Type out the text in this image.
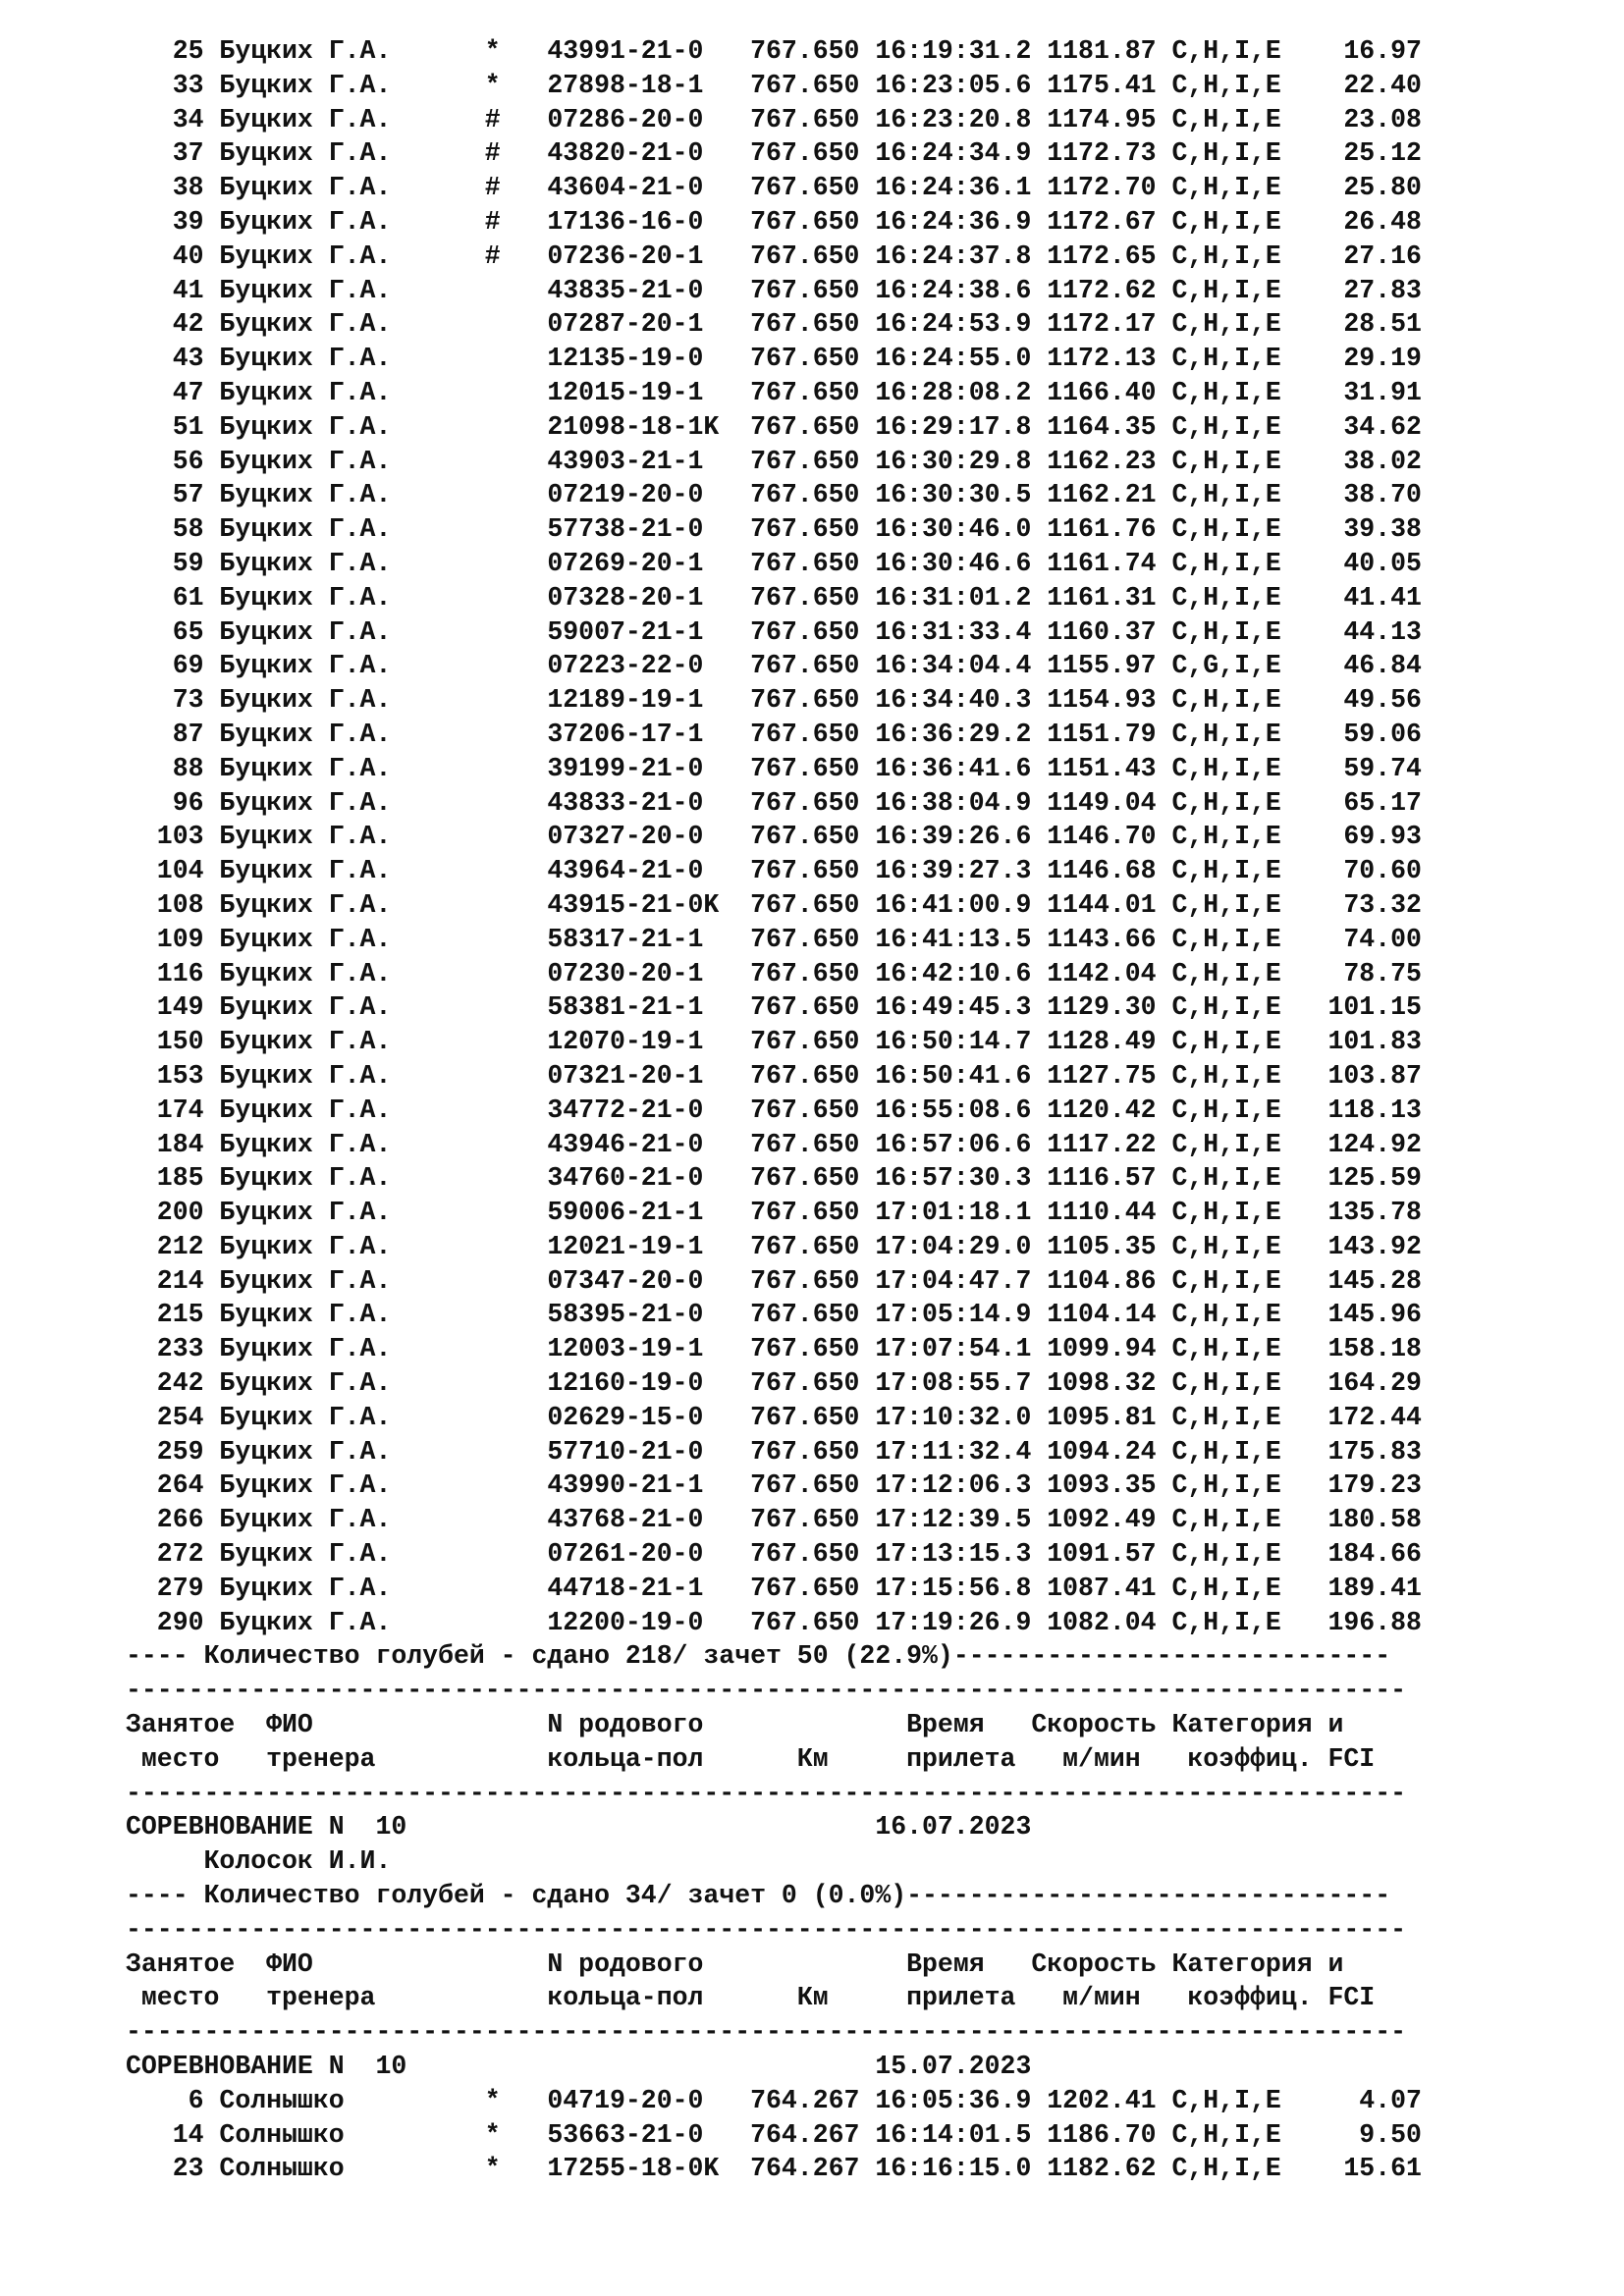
25 Буцких Г.А.      *   43991-21-0   767.650 16:19:31.2 1181.87 C,H,I,E    16.97
33 Буцких Г.А.      *   27898-18-1   767.650 16:23:05.6 1175.41 C,H,I,E    22.40
34 Буцких Г.А.      #   07286-20-0   767.650 16:23:20.8 1174.95 C,H,I,E    23.08
37 Буцких Г.А.      #   43820-21-0   767.650 16:24:34.9 1172.73 C,H,I,E    25.12
38 Буцких Г.А.      #   43604-21-0   767.650 16:24:36.1 1172.70 C,H,I,E    25.80
39 Буцких Г.А.      #   17136-16-0   767.650 16:24:36.9 1172.67 C,H,I,E    26.48
40 Буцких Г.А.      #   07236-20-1   767.650 16:24:37.8 1172.65 C,H,I,E    27.16
41 Буцких Г.А.          43835-21-0   767.650 16:24:38.6 1172.62 C,H,I,E    27.83
42 Буцких Г.А.          07287-20-1   767.650 16:24:53.9 1172.17 C,H,I,E    28.51
43 Буцких Г.А.          12135-19-0   767.650 16:24:55.0 1172.13 C,H,I,E    29.19
47 Буцких Г.А.          12015-19-1   767.650 16:28:08.2 1166.40 C,H,I,E    31.91
51 Буцких Г.А.          21098-18-1K  767.650 16:29:17.8 1164.35 C,H,I,E    34.62
56 Буцких Г.А.          43903-21-1   767.650 16:30:29.8 1162.23 C,H,I,E    38.02
57 Буцких Г.А.          07219-20-0   767.650 16:30:30.5 1162.21 C,H,I,E    38.70
58 Буцких Г.А.          57738-21-0   767.650 16:30:46.0 1161.76 C,H,I,E    39.38
59 Буцких Г.А.          07269-20-1   767.650 16:30:46.6 1161.74 C,H,I,E    40.05
61 Буцких Г.А.          07328-20-1   767.650 16:31:01.2 1161.31 C,H,I,E    41.41
65 Буцких Г.А.          59007-21-1   767.650 16:31:33.4 1160.37 C,H,I,E    44.13
69 Буцких Г.А.          07223-22-0   767.650 16:34:04.4 1155.97 C,G,I,E    46.84
73 Буцких Г.А.          12189-19-1   767.650 16:34:40.3 1154.93 C,H,I,E    49.56
87 Буцких Г.А.          37206-17-1   767.650 16:36:29.2 1151.79 C,H,I,E    59.06
88 Буцких Г.А.          39199-21-0   767.650 16:36:41.6 1151.43 C,H,I,E    59.74
96 Буцких Г.А.          43833-21-0   767.650 16:38:04.9 1149.04 C,H,I,E    65.17
103 Буцких Г.А.          07327-20-0   767.650 16:39:26.6 1146.70 C,H,I,E    69.93
104 Буцких Г.А.          43964-21-0   767.650 16:39:27.3 1146.68 C,H,I,E    70.60
108 Буцких Г.А.          43915-21-0K  767.650 16:41:00.9 1144.01 C,H,I,E    73.32
109 Буцких Г.А.          58317-21-1   767.650 16:41:13.5 1143.66 C,H,I,E    74.00
116 Буцких Г.А.          07230-20-1   767.650 16:42:10.6 1142.04 C,H,I,E    78.75
149 Буцких Г.А.          58381-21-1   767.650 16:49:45.3 1129.30 C,H,I,E   101.15
150 Буцких Г.А.          12070-19-1   767.650 16:50:14.7 1128.49 C,H,I,E   101.83
153 Буцких Г.А.          07321-20-1   767.650 16:50:41.6 1127.75 C,H,I,E   103.87
174 Буцких Г.А.          34772-21-0   767.650 16:55:08.6 1120.42 C,H,I,E   118.13
184 Буцких Г.А.          43946-21-0   767.650 16:57:06.6 1117.22 C,H,I,E   124.92
185 Буцких Г.А.          34760-21-0   767.650 16:57:30.3 1116.57 C,H,I,E   125.59
200 Буцких Г.А.          59006-21-1   767.650 17:01:18.1 1110.44 C,H,I,E   135.78
212 Буцких Г.А.          12021-19-1   767.650 17:04:29.0 1105.35 C,H,I,E   143.92
214 Буцких Г.А.          07347-20-0   767.650 17:04:47.7 1104.86 C,H,I,E   145.28
215 Буцких Г.А.          58395-21-0   767.650 17:05:14.9 1104.14 C,H,I,E   145.96
233 Буцких Г.А.          12003-19-1   767.650 17:07:54.1 1099.94 C,H,I,E   158.18
242 Буцких Г.А.          12160-19-0   767.650 17:08:55.7 1098.32 C,H,I,E   164.29
254 Буцких Г.А.          02629-15-0   767.650 17:10:32.0 1095.81 C,H,I,E   172.44
259 Буцких Г.А.          57710-21-0   767.650 17:11:32.4 1094.24 C,H,I,E   175.83
264 Буцких Г.А.          43990-21-1   767.650 17:12:06.3 1093.35 C,H,I,E   179.23
266 Буцких Г.А.          43768-21-0   767.650 17:12:39.5 1092.49 C,H,I,E   180.58
272 Буцких Г.А.          07261-20-0   767.650 17:13:15.3 1091.57 C,H,I,E   184.66
279 Буцких Г.А.          44718-21-1   767.650 17:15:56.8 1087.41 C,H,I,E   189.41
290 Буцких Г.А.          12200-19-0   767.650 17:19:26.9 1082.04 C,H,I,E   196.88
---- Количество голубей - сдано 218/ зачет 50 (22.9%)----------------------------
----------------------------------------------------------------------------------
Занятое  ФИО               N родового             Время   Скорость Категория и
место   тренера           кольца-пол      Км     прилета   м/мин   коэффиц. FCI
----------------------------------------------------------------------------------
СОРЕВНОВАНИЕ N  10                              16.07.2023
Колосок И.И.
---- Количество голубей - сдано 34/ зачет 0 (0.0%)-------------------------------
----------------------------------------------------------------------------------
Занятое  ФИО               N родового             Время   Скорость Категория и
место   тренера           кольца-пол      Км     прилета   м/мин   коэффиц. FCI
----------------------------------------------------------------------------------
СОРЕВНОВАНИЕ N  10                              15.07.2023
6 Солнышко         *   04719-20-0   764.267 16:05:36.9 1202.41 C,H,I,E     4.07
14 Солнышко         *   53663-21-0   764.267 16:14:01.5 1186.70 C,H,I,E     9.50
23 Солнышко         *   17255-18-0K  764.267 16:16:15.0 1182.62 C,H,I,E    15.61
